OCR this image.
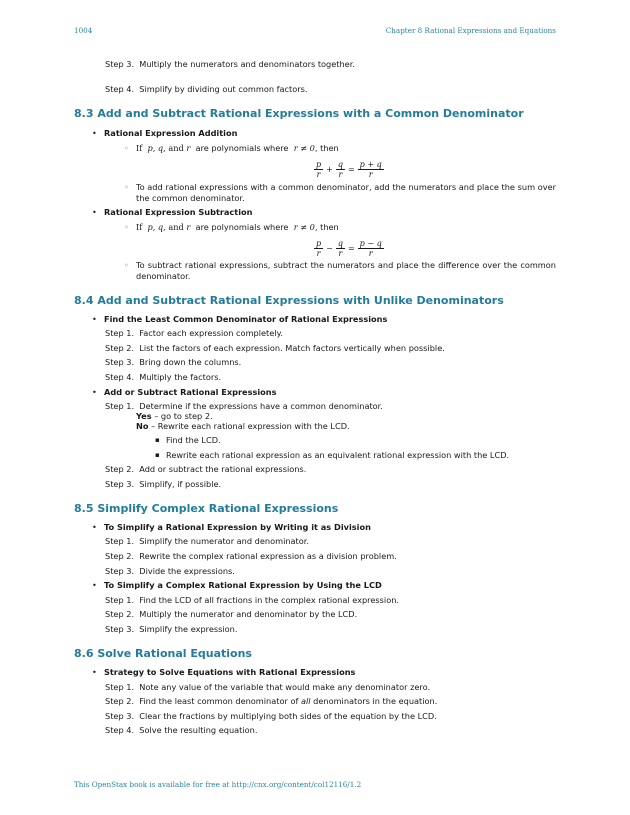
1004	Chapter 8 Rational Expressions and Equations
Step 3. Multiply the numerators and denominators together.
Step 4. Simplify by dividing out common factors.
8.3 Add and Subtract Rational Expressions with a Common Denominator
• Rational Expression Addition
◦ If p, q, and r are polynomials where r ≠ 0, then
$\frac{p}{r} + \frac{q}{r} = \frac{p + q}{r}$
◦ To add rational expressions with a common denominator, add the numerators and place the sum over the common denominator.
• Rational Expression Subtraction
◦ If p, q, and r are polynomials where r ≠ 0, then
$\frac{p}{r} - \frac{q}{r} = \frac{p - q}{r}$
◦ To subtract rational expressions, subtract the numerators and place the difference over the common denominator.
8.4 Add and Subtract Rational Expressions with Unlike Denominators
• Find the Least Common Denominator of Rational Expressions
Step 1. Factor each expression completely.
Step 2. List the factors of each expression. Match factors vertically when possible.
Step 3. Bring down the columns.
Step 4. Multiply the factors.
• Add or Subtract Rational Expressions
Step 1. Determine if the expressions have a common denominator.
Yes – go to step 2.
No – Rewrite each rational expression with the LCD.
▪ Find the LCD.
▪ Rewrite each rational expression as an equivalent rational expression with the LCD.
Step 2. Add or subtract the rational expressions.
Step 3. Simplify, if possible.
8.5 Simplify Complex Rational Expressions
• To Simplify a Rational Expression by Writing it as Division
Step 1. Simplify the numerator and denominator.
Step 2. Rewrite the complex rational expression as a division problem.
Step 3. Divide the expressions.
• To Simplify a Complex Rational Expression by Using the LCD
Step 1. Find the LCD of all fractions in the complex rational expression.
Step 2. Multiply the numerator and denominator by the LCD.
Step 3. Simplify the expression.
8.6 Solve Rational Equations
• Strategy to Solve Equations with Rational Expressions
Step 1. Note any value of the variable that would make any denominator zero.
Step 2. Find the least common denominator of all denominators in the equation.
Step 3. Clear the fractions by multiplying both sides of the equation by the LCD.
Step 4. Solve the resulting equation.
This OpenStax book is available for free at http://cnx.org/content/col12116/1.2
